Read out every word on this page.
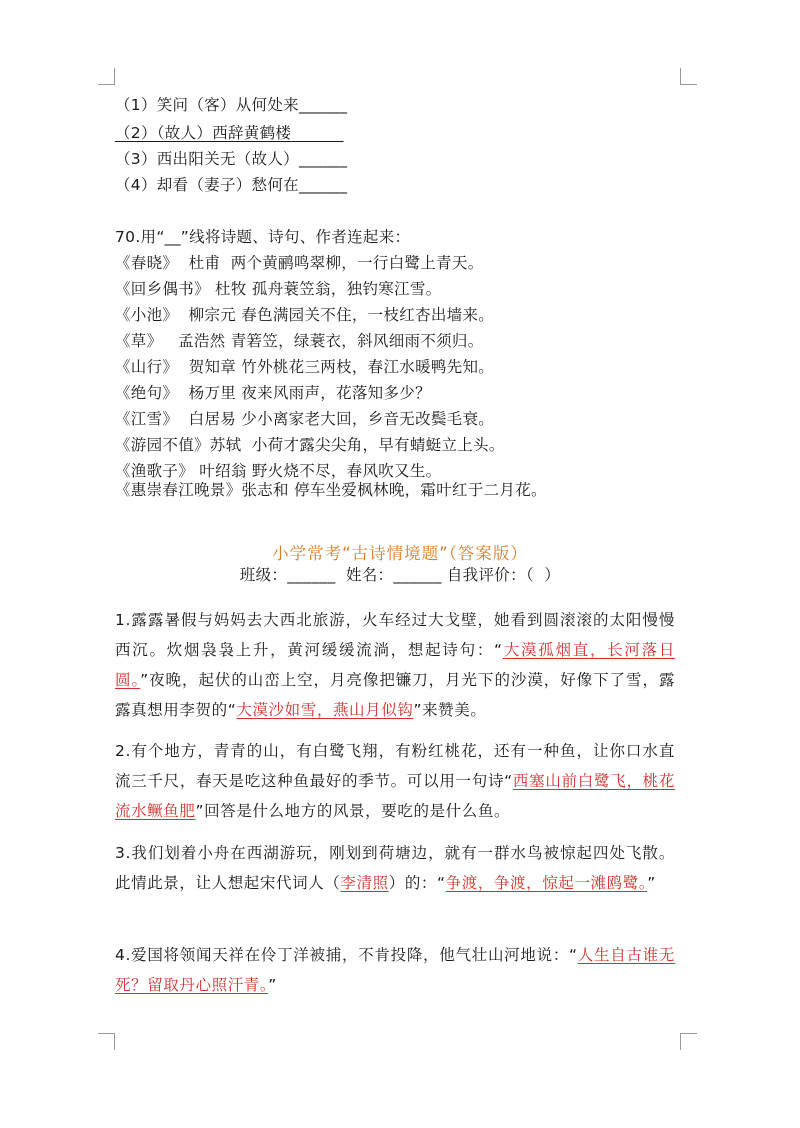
（1）笑问（客）从何处来______
（2）（故人）西辞黄鹤楼
（3）西出阳关无（故人）______
（4）却看（妻子）愁何在______
70.用“__”线将诗题、诗句、作者连起来：
《春晓》  杜甫  两个黄鹂鸣翠柳，一行白鹭上青天。
《回乡偶书》 杜牧 孤舟蓑笠翁，独钓寒江雪。
《小池》  柳宗元 春色满园关不住，一枝红杏出墙来。
《草》   孟浩然 青箬笠，绿蓑衣，斜风细雨不须归。
《山行》  贺知章 竹外桃花三两枝，春江水暖鸭先知。
《绝句》  杨万里 夜来风雨声，花落知多少？
《江雪》  白居易 少小离家老大回，乡音无改鬓毛衰。
《游园不值》苏轼  小荷才露尖尖角，早有蜻蜓立上头。
《渔歌子》 叶绍翁 野火烧不尽，春风吹又生。
《惠崇春江晚景》张志和 停车坐爱枫林晚，霜叶红于二月花。
小学常考“古诗情境题”（答案版）
班级：______  姓名：______ 自我评价：（  ）
1.露露暑假与妈妈去大西北旅游，火车经过大戈壁，她看到圆滚滚的太阳慢慢西沉。炊烟袅袅上升，黄河缓缓流淌，想起诗句：“大漠孤烟直，长河落日圆。”夜晚，起伏的山峦上空，月亮像把镰刀，月光下的沙漠，好像下了雪，露露真想用李贺的“大漠沙如雪，燕山月似钩”来赞美。
2.有个地方，青青的山，有白鹭飞翔，有粉红桃花，还有一种鱼，让你口水直流三千尺，春天是吃这种鱼最好的季节。可以用一句诗“西塞山前白鹭飞，桃花流水鳜鱼肥”回答是什么地方的风景，要吃的是什么鱼。
3.我们划着小舟在西湖游玩，刚划到荷塘边，就有一群水鸟被惊起四处飞散。此情此景，让人想起宋代词人（李清照）的：“争渡，争渡，惊起一滩鸥鹭。”
4.爱国将领闻天祥在伶丁洋被捕，不肯投降，他气壮山河地说：“人生自古谁无死？留取丹心照汗青。”
